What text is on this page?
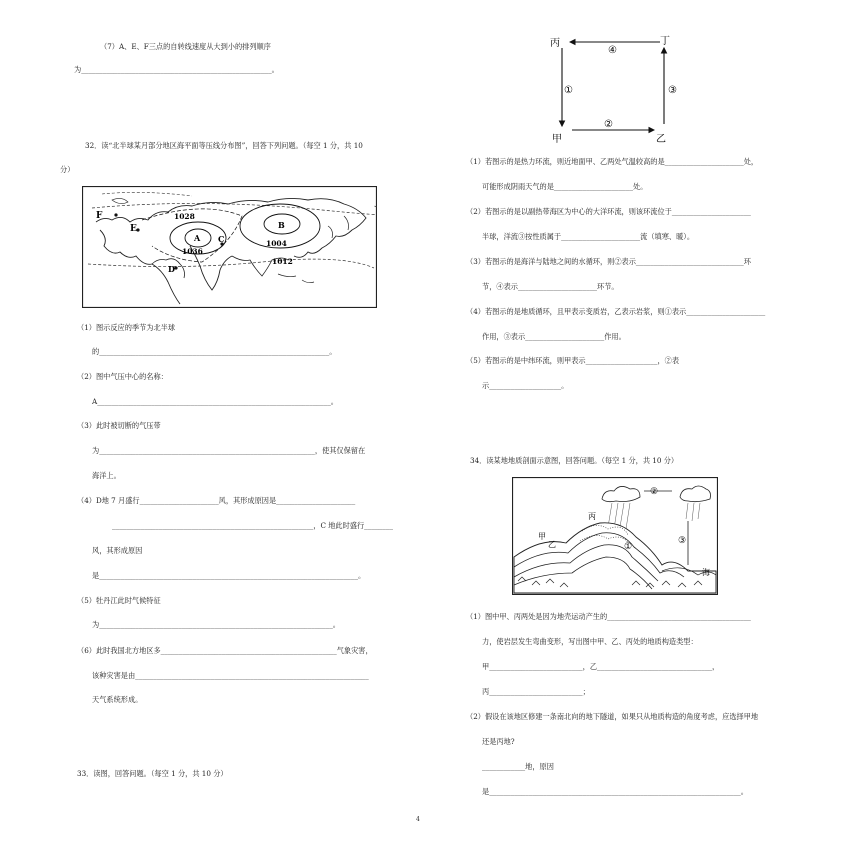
（7）A、E、F三点的自转线速度从大到小的排列顺序
为_____________________________________________________。
32．读“北半球某月部分地区海平面等压线分布图”，回答下列问题。（每空 1 分，共 10
分）
F
E
A
B
C
D
1028
1036
1004
1012
（1）图示反应的季节为北半球
的________________________________________________________________。
（2）图中气压中心的名称：
A_________________________________________________________________。
（3）此时被切断的气压带
为____________________________________________________________，使其仅保留在
海洋上。
（4）D地 7 月盛行______________________风，其形成原因是______________________
________________________________________________________，C 地此时盛行________
风，其形成原因
是________________________________________________________________________。
（5）牡丹江此时气候特征
为_________________________________________________________________。
（6）此时我国北方地区多_________________________________________________气象灾害，
该种灾害是由_________________________________________________________________
天气系统形成。
33．读图，回答问题。（每空 1 分，共 10 分）
丙	丁
甲	乙
④
①	③
②
（1）若图示的是热力环流，则近地面甲、乙两处气温较高的是______________________处，
可能形成阴雨天气的是______________________处。
（2）若图示的是以副热带海区为中心的大洋环流，则该环流位于______________________
半球，洋流③按性质属于______________________流（填寒、暖）。
（3）若图示的是海洋与陆地之间的水循环，则②表示______________________________环
节，④表示______________________环节。
（4）若图示的是地质循环，且甲表示变质岩，乙表示岩浆，则①表示______________________
作用，③表示______________________作用。
（5）若图示的是中纬环流，则甲表示____________________，②表
示____________________。
34．读某地地质剖面示意图，回答问题。（每空 1 分，共 10 分）
甲
乙
丙
①
②
③
海
（1）图中甲、丙两处是因为地壳运动产生的________________________________________
力，使岩层发生弯曲变形，写出图中甲、乙、丙处的地质构造类型：
甲__________________________，乙________________________________，
丙__________________________；
（2）假设在该地区修建一条南北向的地下隧道，如果只从地质构造的角度考虑，应选择甲地
还是丙地?
____________地，原因
是______________________________________________________________________。
4
